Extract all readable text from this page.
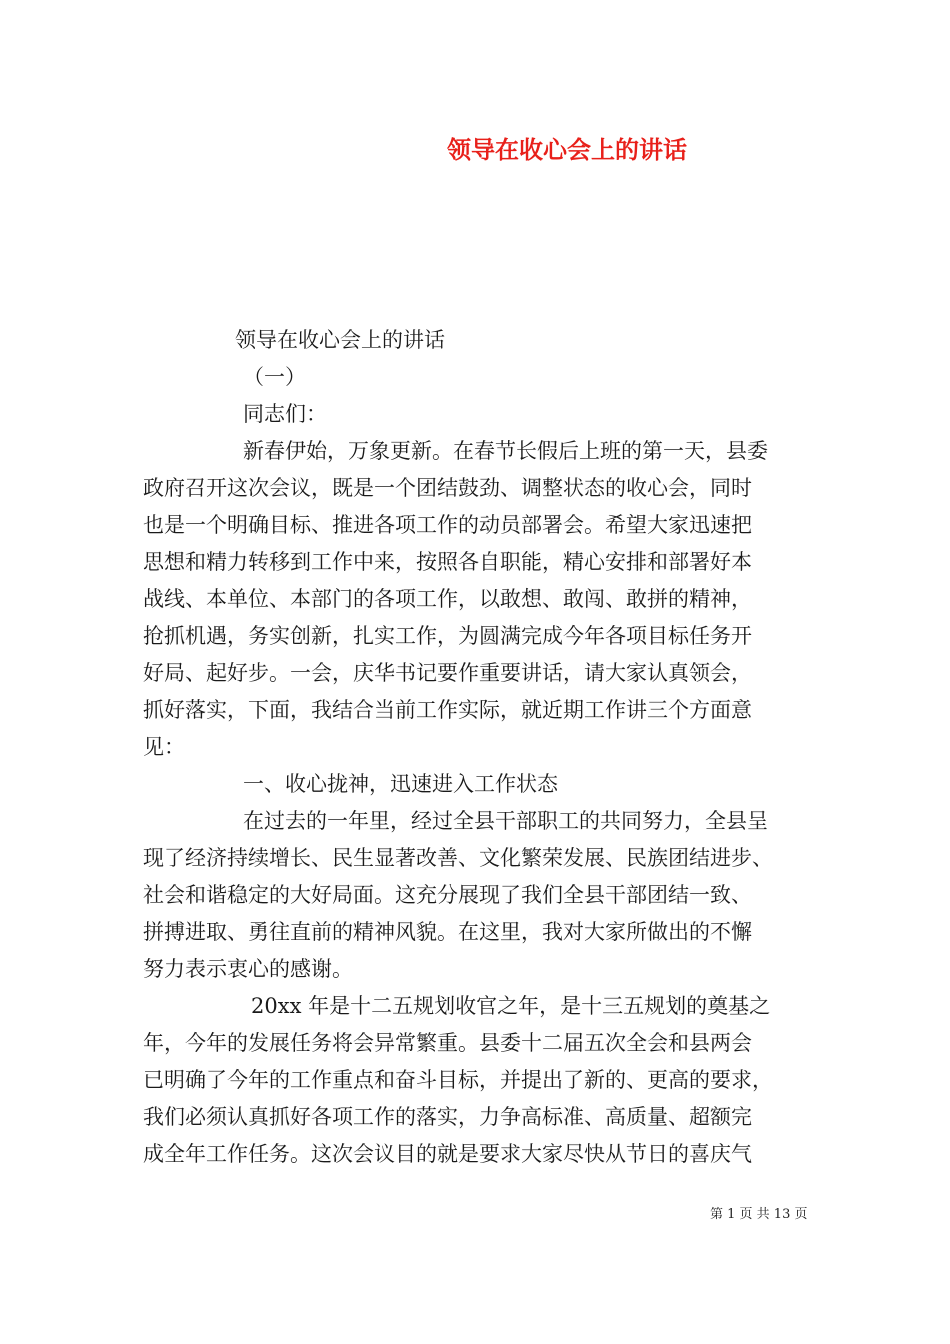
领导在收心会上的讲话
领导在收心会上的讲话
（一）
同志们：
新春伊始，万象更新。在春节长假后上班的第一天，县委
政府召开这次会议，既是一个团结鼓劲、调整状态的收心会，同时
也是一个明确目标、推进各项工作的动员部署会。希望大家迅速把
思想和精力转移到工作中来，按照各自职能，精心安排和部署好本
战线、本单位、本部门的各项工作，以敢想、敢闯、敢拼的精神，
抢抓机遇，务实创新，扎实工作，为圆满完成今年各项目标任务开
好局、起好步。一会，庆华书记要作重要讲话，请大家认真领会，
抓好落实，下面，我结合当前工作实际，就近期工作讲三个方面意
见：
一、收心拢神，迅速进入工作状态
在过去的一年里，经过全县干部职工的共同努力，全县呈
现了经济持续增长、民生显著改善、文化繁荣发展、民族团结进步、
社会和谐稳定的大好局面。这充分展现了我们全县干部团结一致、
拼搏进取、勇往直前的精神风貌。在这里，我对大家所做出的不懈
努力表示衷心的感谢。
20xx 年是十二五规划收官之年，是十三五规划的奠基之
年，今年的发展任务将会异常繁重。县委十二届五次全会和县两会
已明确了今年的工作重点和奋斗目标，并提出了新的、更高的要求，
我们必须认真抓好各项工作的落实，力争高标准、高质量、超额完
成全年工作任务。这次会议目的就是要求大家尽快从节日的喜庆气
第 1 页 共 13 页
